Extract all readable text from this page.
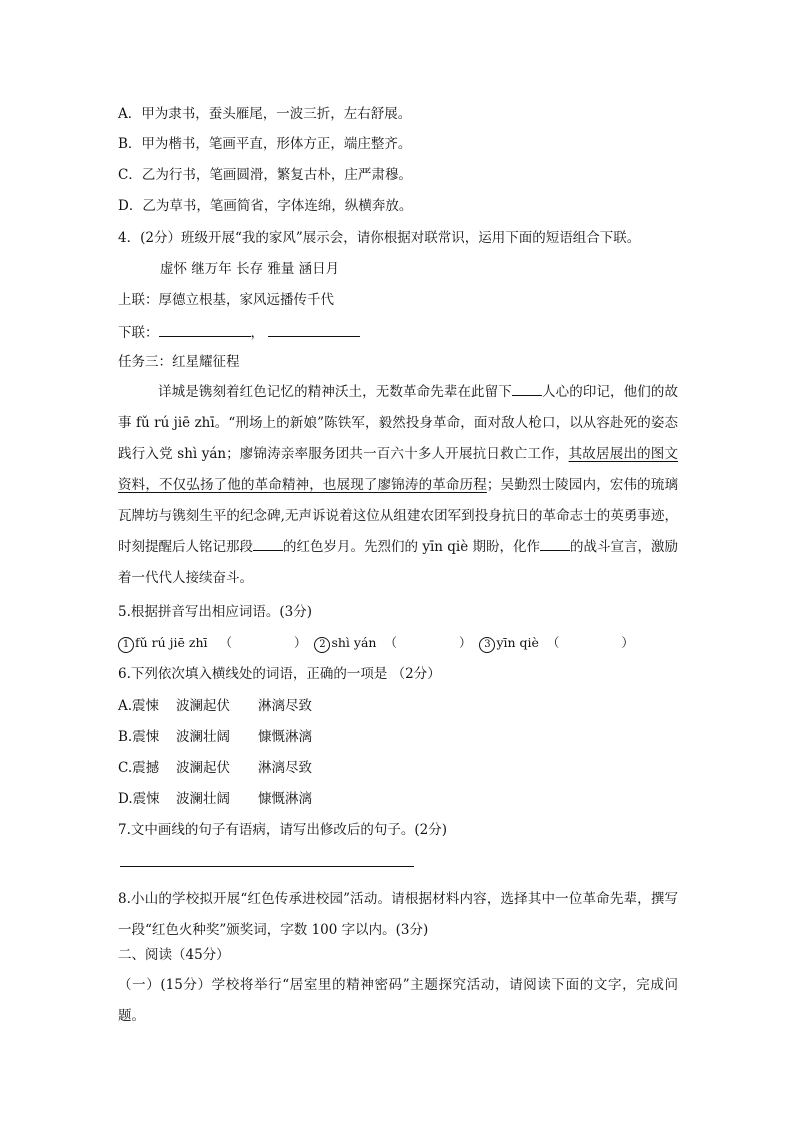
A．甲为隶书，蚕头雁尾，一波三折，左右舒展。
B．甲为楷书，笔画平直，形体方正，端庄整齐。
C．乙为行书，笔画圆滑，繁复古朴，庄严肃穆。
D．乙为草书，笔画简省，字体连绵，纵横奔放。
4．(2分）班级开展“我的家风”展示会，请你根据对联常识，运用下面的短语组合下联。
虚怀 继万年 长存 雅量 涵日月
上联：厚德立根基，家风远播传千代
下联：	，
任务三：红星耀征程
详城是镌刻着红色记忆的精神沃土，无数革命先辈在此留下 人心的印记，他们的故事 fǔ rú jiē zhī。“刑场上的新娘”陈铁军，毅然投身革命，面对敌人枪口，以从容赴死的姿态践行入党 shì yán；廖锦涛亲率服务团共一百六十多人开展抗日救亡工作，其故居展出的图文资料，不仅弘扬了他的革命精神，也展现了廖锦涛的革命历程；吴勤烈士陵园内，宏伟的琉璃瓦牌坊与镌刻生平的纪念碑,无声诉说着这位从组建农团军到投身抗日的革命志士的英勇事迹，时刻提醒后人铭记那段 的红色岁月。先烈们的 yīn qiè 期盼，化作 的战斗宣言，激励着一代代人接续奋斗。
5.根据拼音写出相应词语。(3分)
1 fǔ rú jiē zhī （	） 2 shì yán （	） 3 yīn qiè （	）
6.下列依次填入横线处的词语，正确的一项是 （2分）
A.震悚 波澜起伏 淋漓尽致
B.震悚 波澜壮阔 慷慨淋漓
C.震撼 波澜起伏 淋漓尽致
D.震悚 波澜壮阔 慷慨淋漓
7.文中画线的句子有语病，请写出修改后的句子。(2分)
8.小山的学校拟开展“红色传承进校园”活动。请根据材料内容，选择其中一位革命先辈，撰写一段“红色火种奖”颁奖词，字数 100 字以内。(3分)
二、阅读（45分）
（一）(15分）学校将举行“居室里的精神密码”主题探究活动，请阅读下面的文字，完成问题。
